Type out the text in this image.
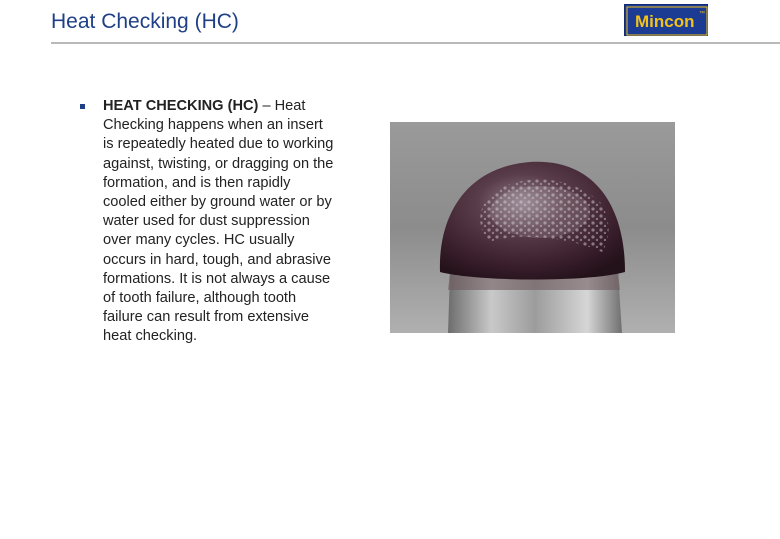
Heat Checking (HC)	Mincon ™
HEAT CHECKING (HC) – Heat
Checking happens when an insert
is repeatedly heated due to working
against, twisting, or dragging on the
formation, and is then rapidly
cooled either by ground water or by
water used for dust suppression
over many cycles. HC usually
occurs in hard, tough, and abrasive
formations. It is not always a cause
of tooth failure, although tooth
failure can result from extensive
heat checking.
